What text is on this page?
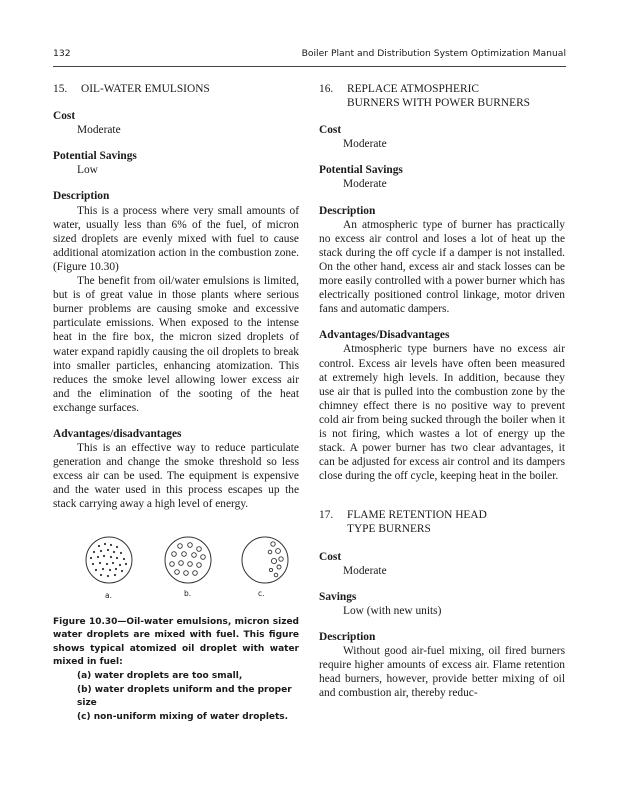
132	Boiler Plant and Distribution System Optimization Manual
15. OIL-WATER EMULSIONS

Cost

Moderate

Potential Savings

Low

Description

This is a process where very small amounts of water, usually less than 6% of the fuel, of micron sized droplets are evenly mixed with fuel to cause additional atomization action in the combustion zone. (Figure 10.30)

The benefit from oil/water emulsions is limited, but is of great value in those plants where serious burner problems are causing smoke and excessive particulate emissions. When exposed to the intense heat in the fire box, the micron sized droplets of water expand rapidly causing the oil droplets to break into smaller particles, enhancing atomization. This reduces the smoke level allowing lower excess air and the elimination of the sooting of the heat exchange surfaces.

Advantages/disadvantages

This is an effective way to reduce particulate generation and change the smoke threshold so less excess air can be used. The equipment is expensive and the water used in this process escapes up the stack carrying away a high level of energy.

a.	b.	c.
Figure 10.30—Oil-water emulsions, micron sized water droplets are mixed with fuel. This figure shows typical atomized oil droplet with water mixed in fuel:
(a) water droplets are too small,
(b) water droplets uniform and the proper size
(c) non-uniform mixing of water droplets.
16. REPLACE ATMOSPHERIC
BURNERS WITH POWER BURNERS

Cost

Moderate

Potential Savings

Moderate

Description

An atmospheric type of burner has practically no excess air control and loses a lot of heat up the stack during the off cycle if a damper is not installed. On the other hand, excess air and stack losses can be more easily controlled with a power burner which has electrically positioned control linkage, motor driven fans and automatic dampers.

Advantages/Disadvantages

Atmospheric type burners have no excess air control. Excess air levels have often been measured at extremely high levels. In addition, because they use air that is pulled into the combustion zone by the chimney effect there is no positive way to prevent cold air from being sucked through the boiler when it is not firing, which wastes a lot of energy up the stack. A power burner has two clear advantages, it can be adjusted for excess air control and its dampers close during the off cycle, keeping heat in the boiler.

17. FLAME RETENTION HEAD
TYPE BURNERS

Cost

Moderate

Savings

Low (with new units)

Description

Without good air-fuel mixing, oil fired burners require higher amounts of excess air. Flame retention head burners, however, provide better mixing of oil and combustion air, thereby reduc-
